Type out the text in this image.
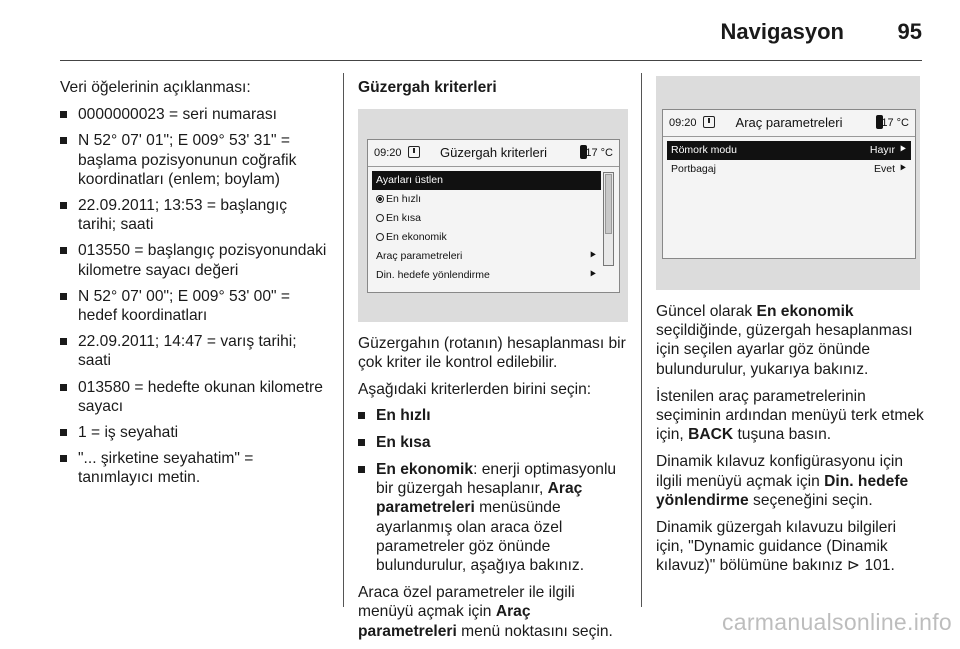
Navigasyon 95

Veri öğelerinin açıklanması:

0000000023 = seri numarası
N 52° 07' 01"; E 009° 53' 31" = başlama pozisyonunun coğrafik koordinatları (enlem; boylam)
22.09.2011; 13:53 = başlangıç tarihi; saati
013550 = başlangıç pozisyonundaki kilometre sayacı değeri
N 52° 07' 00"; E 009° 53' 00" = hedef koordinatları
22.09.2011; 14:47 = varış tarihi; saati
013580 = hedefte okunan kilometre sayacı
1 = iş seyahati
"... şirketine seyahatim" = tanımlayıcı metin.

Güzergah kriterleri

09:20	Güzergah kriterleri	17 °C
Ayarları üstlen
En hızlı
En kısa
En ekonomik
Araç parametreleri	⯈
Din. hedefe yönlendirme	⯈

Güzergahın (rotanın) hesaplanması bir çok kriter ile kontrol edilebilir.

Aşağıdaki kriterlerden birini seçin:

En hızlı
En kısa
En ekonomik: enerji optimasyonlu bir güzergah hesaplanır, Araç parametreleri menüsünde ayarlanmış olan araca özel parametreler göz önünde bulundurulur, aşağıya bakınız.

Araca özel parametreler ile ilgili menüyü açmak için Araç parametreleri menü noktasını seçin.

09:20	Araç parametreleri	17 °C
Römork modu	Hayır ⯈
Portbagaj	Evet ⯈

Güncel olarak En ekonomik seçildiğinde, güzergah hesaplanması için seçilen ayarlar göz önünde bulundurulur, yukarıya bakınız.

İstenilen araç parametrelerinin seçiminin ardından menüyü terk etmek için, BACK tuşuna basın.

Dinamik kılavuz konfigürasyonu için ilgili menüyü açmak için Din. hedefe yönlendirme seçeneğini seçin.

Dinamik güzergah kılavuzu bilgileri için, "Dynamic guidance (Dinamik kılavuz)" bölümüne bakınız ⊳ 101.

carmanualsonline.info
